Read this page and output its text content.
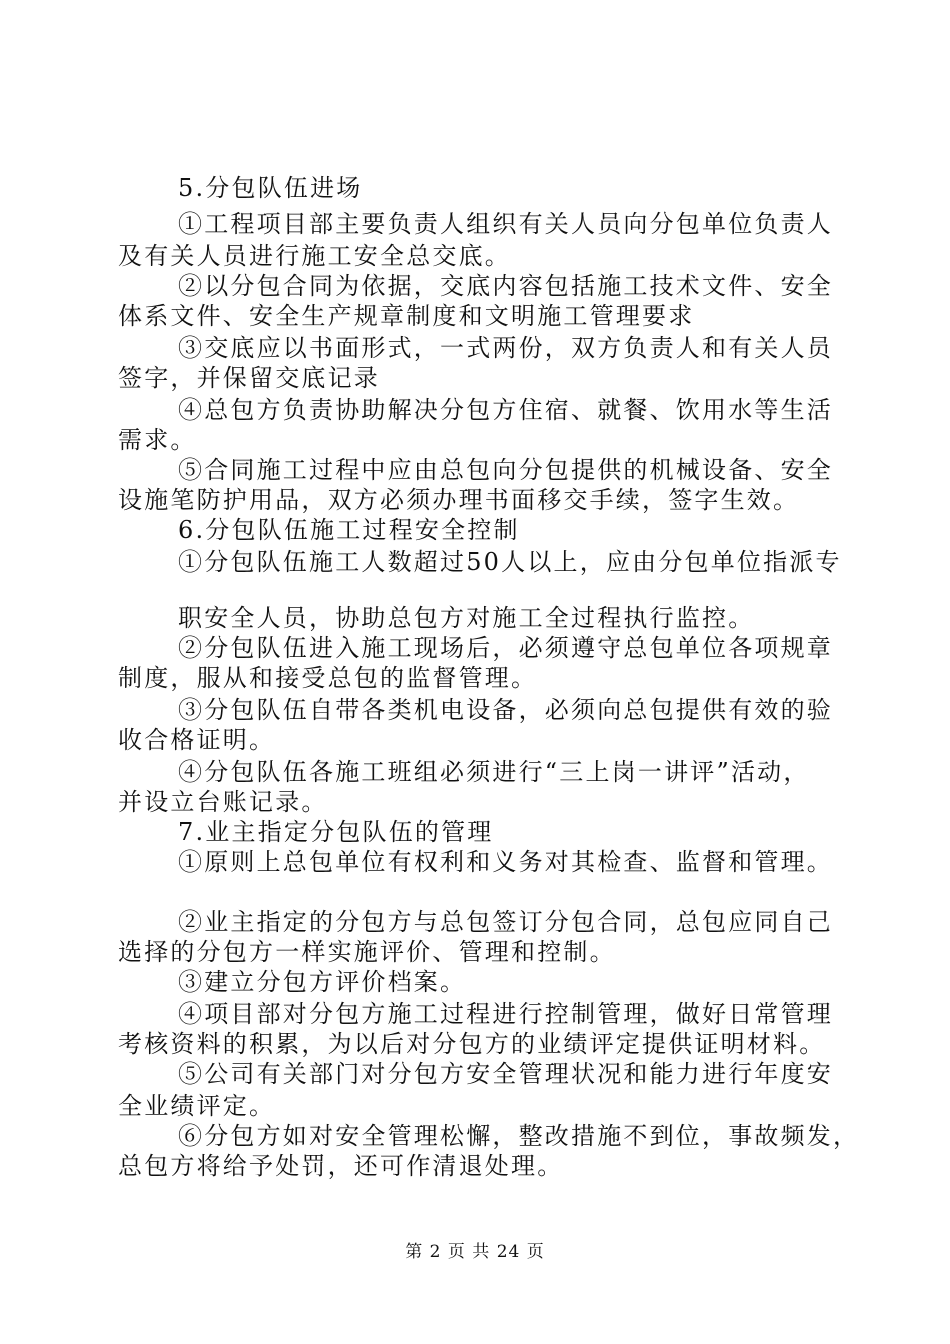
5.分包队伍进场
①工程项目部主要负责人组织有关人员向分包单位负责人
及有关人员进行施工安全总交底。
②以分包合同为依据，交底内容包括施工技术文件、安全
体系文件、安全生产规章制度和文明施工管理要求
③交底应以书面形式，一式两份，双方负责人和有关人员
签字，并保留交底记录
④总包方负责协助解决分包方住宿、就餐、饮用水等生活
需求。
⑤合同施工过程中应由总包向分包提供的机械设备、安全
设施笔防护用品，双方必须办理书面移交手续，签字生效。
6.分包队伍施工过程安全控制
①分包队伍施工人数超过50人以上，应由分包单位指派专
职安全人员，协助总包方对施工全过程执行监控。
②分包队伍进入施工现场后，必须遵守总包单位各项规章
制度，服从和接受总包的监督管理。
③分包队伍自带各类机电设备，必须向总包提供有效的验
收合格证明。
④分包队伍各施工班组必须进行“三上岗一讲评”活动，
并设立台账记录。
7.业主指定分包队伍的管理
①原则上总包单位有权利和义务对其检查、监督和管理。
②业主指定的分包方与总包签订分包合同，总包应同自己
选择的分包方一样实施评价、管理和控制。
③建立分包方评价档案。
④项目部对分包方施工过程进行控制管理，做好日常管理
考核资料的积累，为以后对分包方的业绩评定提供证明材料。
⑤公司有关部门对分包方安全管理状况和能力进行年度安
全业绩评定。
⑥分包方如对安全管理松懈，整改措施不到位，事故频发，
总包方将给予处罚，还可作清退处理。
第 2 页 共 24 页
